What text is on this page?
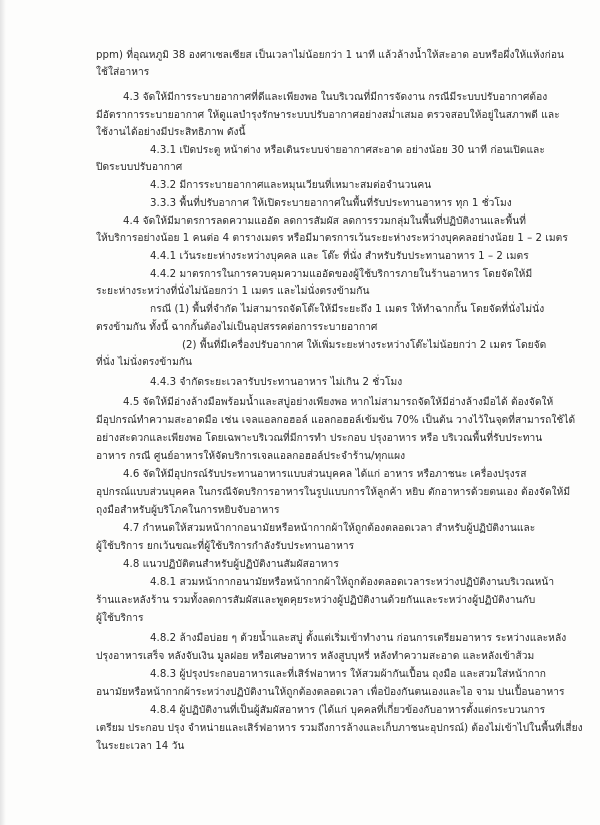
ppm) ที่อุณหภูมิ 38 องศาเซลเซียส เป็นเวลาไม่น้อยกว่า 1 นาที แล้วล้างน้ำให้สะอาด อบหรือผึ่งให้แห้งก่อน
ใช้ใส่อาหาร
4.3 จัดให้มีการระบายอากาศที่ดีและเพียงพอ ในบริเวณที่มีการจัดงาน กรณีมีระบบปรับอากาศต้อง
มีอัตราการระบายอากาศ ให้ดูแลบำรุงรักษาระบบปรับอากาศอย่างสม่ำเสมอ ตรวจสอบให้อยู่ในสภาพดี และ
ใช้งานได้อย่างมีประสิทธิภาพ ดังนี้
4.3.1 เปิดประตู หน้าต่าง หรือเดินระบบจ่ายอากาศสะอาด อย่างน้อย 30 นาที ก่อนเปิดและ
ปิดระบบปรับอากาศ
4.3.2 มีการระบายอากาศและหมุนเวียนที่เหมาะสมต่อจำนวนคน
3.3.3 พื้นที่ปรับอากาศ ให้เปิดระบายอากาศในพื้นที่รับประทานอาหาร ทุก 1 ชั่วโมง
4.4 จัดให้มีมาตรการลดความแออัด ลดการสัมผัส ลดการรวมกลุ่มในพื้นที่ปฏิบัติงานและพื้นที่
ให้บริการอย่างน้อย 1 คนต่อ 4 ตารางเมตร หรือมีมาตรการเว้นระยะห่างระหว่างบุคคลอย่างน้อย 1 – 2 เมตร
4.4.1 เว้นระยะห่างระหว่างบุคคล และ โต๊ะ ที่นั่ง สำหรับรับประทานอาหาร 1 – 2 เมตร
4.4.2 มาตรการในการควบคุมความแออัดของผู้ใช้บริการภายในร้านอาหาร โดยจัดให้มี
ระยะห่างระหว่างที่นั่งไม่น้อยกว่า 1 เมตร และไม่นั่งตรงข้ามกัน
กรณี (1) พื้นที่จำกัด ไม่สามารถจัดโต๊ะให้มีระยะถึง 1 เมตร ให้ทำฉากกั้น โดยจัดที่นั่งไม่นั่ง
ตรงข้ามกัน ทั้งนี้ ฉากกั้นต้องไม่เป็นอุปสรรคต่อการระบายอากาศ
(2) พื้นที่มีเครื่องปรับอากาศ ให้เพิ่มระยะห่างระหว่างโต๊ะไม่น้อยกว่า 2 เมตร โดยจัด
ที่นั่ง ไม่นั่งตรงข้ามกัน
4.4.3 จำกัดระยะเวลารับประทานอาหาร ไม่เกิน 2 ชั่วโมง
4.5 จัดให้มีอ่างล้างมือพร้อมน้ำและสบู่อย่างเพียงพอ หากไม่สามารถจัดให้มีอ่างล้างมือได้ ต้องจัดให้
มีอุปกรณ์ทำความสะอาดมือ เช่น เจลแอลกอฮอล์ แอลกอฮอล์เข้มข้น 70% เป็นต้น วางไว้ในจุดที่สามารถใช้ได้
อย่างสะดวกและเพียงพอ โดยเฉพาะบริเวณที่มีการทำ ประกอบ ปรุงอาหาร หรือ บริเวณพื้นที่รับประทาน
อาหาร กรณี ศูนย์อาหารให้จัดบริการเจลแอลกอฮอล์ประจำร้าน/ทุกแผง
4.6 จัดให้มีอุปกรณ์รับประทานอาหารแบบส่วนบุคคล ได้แก่ อาหาร หรือภาชนะ เครื่องปรุงรส
อุปกรณ์แบบส่วนบุคคล ในกรณีจัดบริการอาหารในรูปแบบการให้ลูกค้า หยิบ ตักอาหารด้วยตนเอง ต้องจัดให้มี
ถุงมือสำหรับผู้บริโภคในการหยิบจับอาหาร
4.7 กำหนดให้สวมหน้ากากอนามัยหรือหน้ากากผ้าให้ถูกต้องตลอดเวลา สำหรับผู้ปฏิบัติงานและ
ผู้ใช้บริการ ยกเว้นขณะที่ผู้ใช้บริการกำลังรับประทานอาหาร
4.8 แนวปฏิบัติตนสำหรับผู้ปฏิบัติงานสัมผัสอาหาร
4.8.1 สวมหน้ากากอนามัยหรือหน้ากากผ้าให้ถูกต้องตลอดเวลาระหว่างปฏิบัติงานบริเวณหน้า
ร้านและหลังร้าน รวมทั้งลดการสัมผัสและพูดคุยระหว่างผู้ปฏิบัติงานด้วยกันและระหว่างผู้ปฏิบัติงานกับ
ผู้ใช้บริการ
4.8.2 ล้างมือบ่อย ๆ ด้วยน้ำและสบู่ ตั้งแต่เริ่มเข้าทำงาน ก่อนการเตรียมอาหาร ระหว่างและหลัง
ปรุงอาหารเสร็จ หลังจับเงิน มูลฝอย หรือเศษอาหาร หลังสูบบุหรี่ หลังทำความสะอาด และหลังเข้าส้วม
4.8.3 ผู้ปรุงประกอบอาหารและที่เสิร์ฟอาหาร ให้สวมผ้ากันเปื้อน ถุงมือ และสวมใส่หน้ากาก
อนามัยหรือหน้ากากผ้าระหว่างปฏิบัติงานให้ถูกต้องตลอดเวลา เพื่อป้องกันตนเองและไอ จาม ปนเปื้อนอาหาร
4.8.4 ผู้ปฏิบัติงานที่เป็นผู้สัมผัสอาหาร (ได้แก่ บุคคลที่เกี่ยวข้องกับอาหารตั้งแต่กระบวนการ
เตรียม ประกอบ ปรุง จำหน่ายและเสิร์ฟอาหาร รวมถึงการล้างและเก็บภาชนะอุปกรณ์) ต้องไม่เข้าไปในพื้นที่เสี่ยง
ในระยะเวลา 14 วัน
